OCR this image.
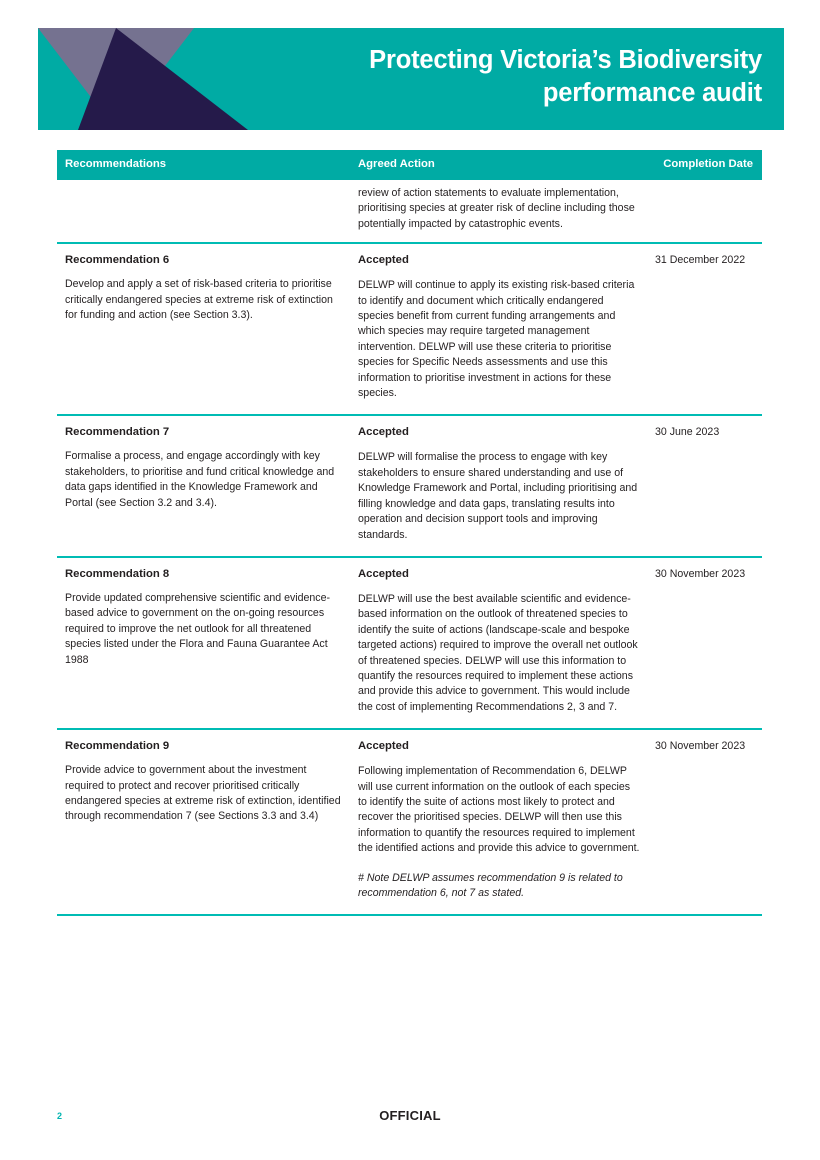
Protecting Victoria’s Biodiversity
performance audit
Recommendations	Agreed Action	Completion Date

review of action statements to evaluate implementation, prioritising species at greater risk of decline including those potentially impacted by catastrophic events.

Recommendation 6

Develop and apply a set of risk-based criteria to prioritise critically endangered species at extreme risk of extinction for funding and action (see Section 3.3).

Accepted

DELWP will continue to apply its existing risk-based criteria to identify and document which critically endangered species benefit from current funding arrangements and which species may require targeted management intervention. DELWP will use these criteria to prioritise species for Specific Needs assessments and use this information to prioritise investment in actions for these species.

31 December 2022

Recommendation 7

Formalise a process, and engage accordingly with key stakeholders, to prioritise and fund critical knowledge and data gaps identified in the Knowledge Framework and Portal (see Section 3.2 and 3.4).

Accepted

DELWP will formalise the process to engage with key stakeholders to ensure shared understanding and use of Knowledge Framework and Portal, including prioritising and filling knowledge and data gaps, translating results into operation and decision support tools and improving standards.

30 June 2023

Recommendation 8

Provide updated comprehensive scientific and evidence-based advice to government on the on-going resources required to improve the net outlook for all threatened species listed under the Flora and Fauna Guarantee Act 1988

Accepted

DELWP will use the best available scientific and evidence-based information on the outlook of threatened species to identify the suite of actions (landscape-scale and bespoke targeted actions) required to improve the overall net outlook of threatened species. DELWP will use this information to quantify the resources required to implement these actions and provide this advice to government. This would include the cost of implementing Recommendations 2, 3 and 7.

30 November 2023

Recommendation 9

Provide advice to government about the investment required to protect and recover prioritised critically endangered species at extreme risk of extinction, identified through recommendation 7 (see Sections 3.3 and 3.4)

Accepted

Following implementation of Recommendation 6, DELWP will use current information on the outlook of each species to identify the suite of actions most likely to protect and recover the prioritised species. DELWP will then use this information to quantify the resources required to implement the identified actions and provide this advice to government.

# Note DELWP assumes recommendation 9 is related to recommendation 6, not 7 as stated.

30 November 2023

2	OFFICIAL
